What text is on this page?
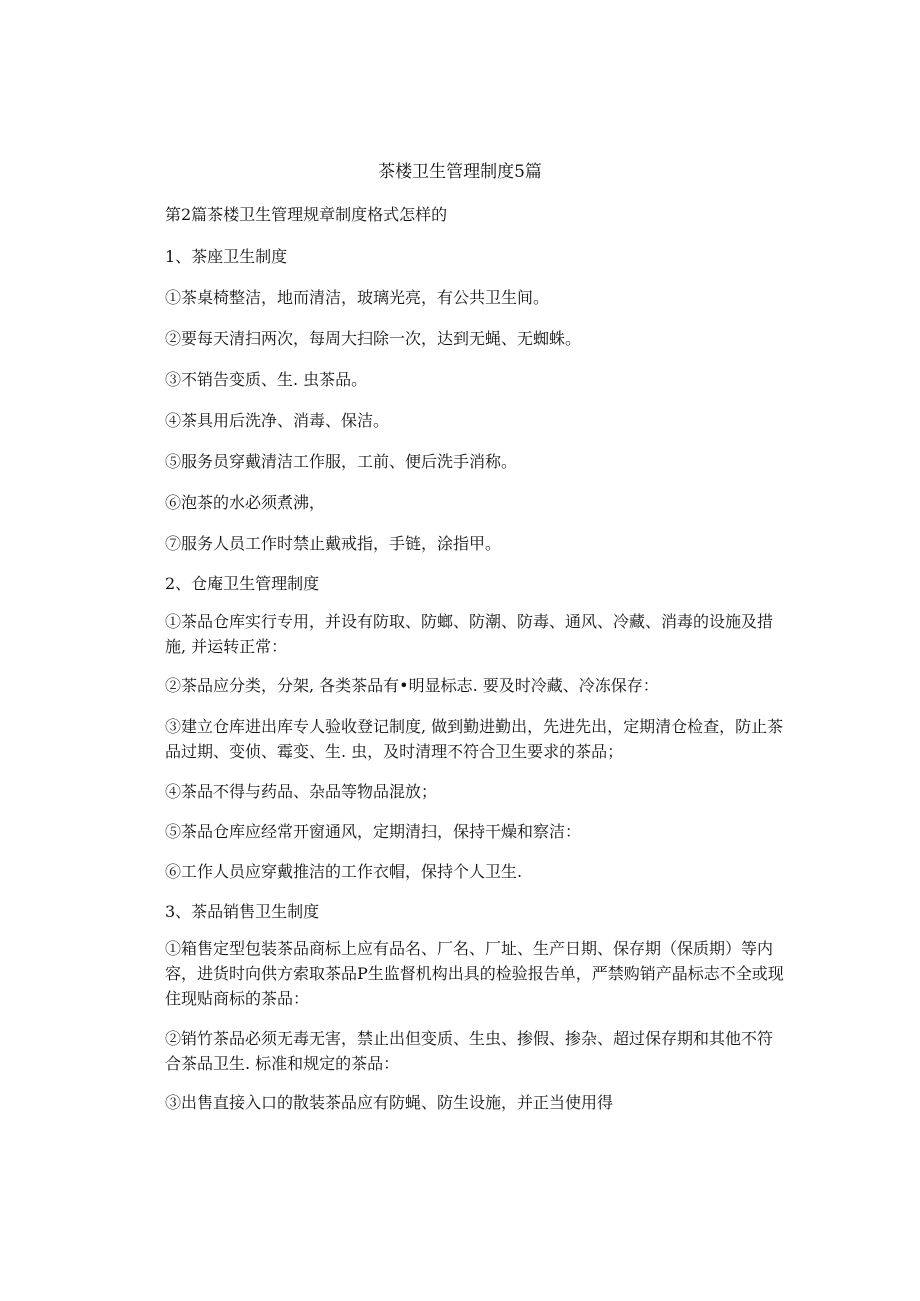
茶楼卫生管理制度5篇
第2篇茶楼卫生管理规章制度格式怎样的
1、茶座卫生制度
①茶桌椅整洁，地而清洁，玻璃光亮，有公共卫生间。
②要每天清扫两次，每周大扫除一次，达到无蝇、无蜘蛛。
③不销告变质、生. 虫茶品。
④茶具用后洗净、消毒、保洁。
⑤服务员穿戴清洁工作服，工前、便后洗手消称。
⑥泡茶的水必须煮沸，
⑦服务人员工作时禁止戴戒指，手链，涂指甲。
2、仓庵卫生管理制度
①茶品仓库实行专用，并设有防取、防螂、防潮、防毒、通风、冷藏、消毒的设施及措施, 并运转正常：
②茶品应分类，分架, 各类茶品有•明显标志. 要及时冷藏、冷冻保存：
③建立仓库进出库专人验收登记制度, 做到勤进勤出，先进先出，定期清仓检查，防止茶品过期、变侦、霉变、生. 虫，及时清理不符合卫生要求的茶品；
④茶品不得与药品、杂品等物品混放；
⑤茶品仓库应经常开窗通风，定期清扫，保持干燥和察洁：
⑥工作人员应穿戴推洁的工作衣帽，保持个人卫生.
3、茶品销售卫生制度
①箱售定型包装茶品商标上应有品名、厂名、厂址、生产日期、保存期（保质期）等内容，进货时向供方索取茶品P生监督机构出具的检验报告单，严禁购销产晶标志不全或现住现贴商标的茶品：
②销竹茶品必须无毒无害，禁止出但变质、生虫、掺假、掺杂、超过保存期和其他不符合茶品卫生. 标准和规定的茶品：
③出售直接入口的散装茶品应有防蝇、防生设施，并正当使用得
